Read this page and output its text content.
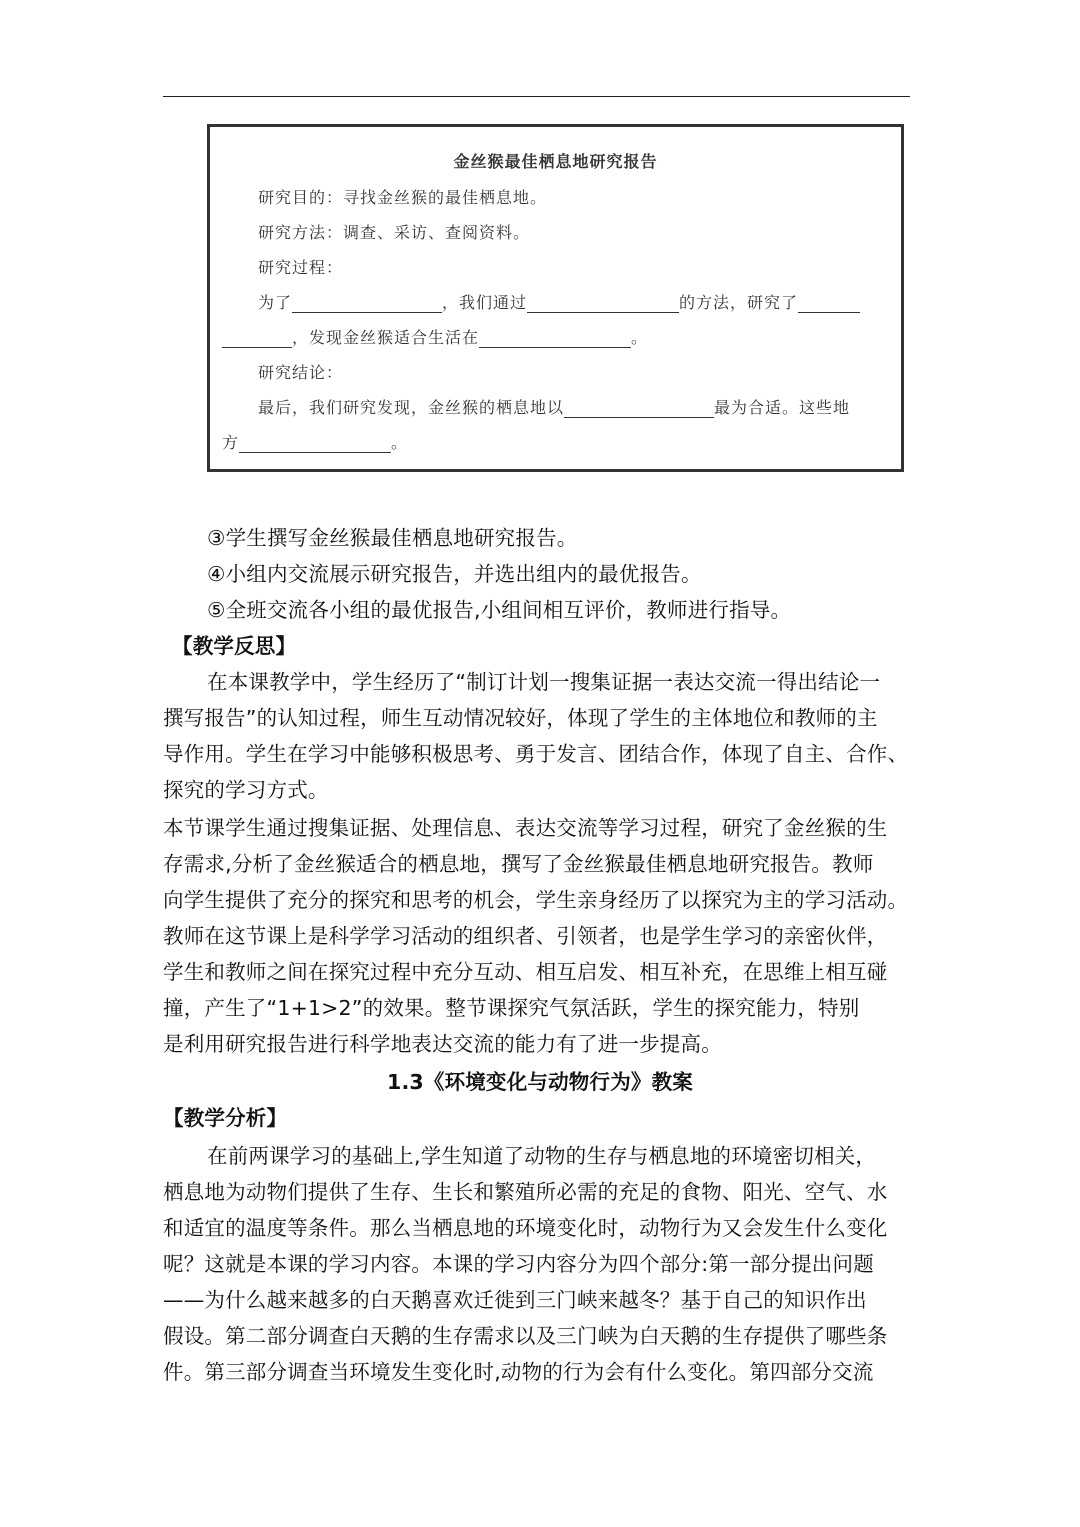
金丝猴最佳栖息地研究报告
研究目的：寻找金丝猴的最佳栖息地。
研究方法：调查、采访、查阅资料。
研究过程：
为了	，我们通过	的方法，研究了
，发现金丝猴适合生活在	。
研究结论：
最后，我们研究发现，金丝猴的栖息地以	最为合适。这些地
方	。
③学生撰写金丝猴最佳栖息地研究报告。
④小组内交流展示研究报告，并选出组内的最优报告。
⑤全班交流各小组的最优报告,小组间相互评价，教师进行指导。
【教学反思】
在本课教学中，学生经历了“制订计划一搜集证据一表达交流一得出结论一
撰写报告”的认知过程，师生互动情况较好，体现了学生的主体地位和教师的主
导作用。学生在学习中能够积极思考、勇于发言、团结合作，体现了自主、合作、
探究的学习方式。
本节课学生通过搜集证据、处理信息、表达交流等学习过程，研究了金丝猴的生
存需求,分析了金丝猴适合的栖息地，撰写了金丝猴最佳栖息地研究报告。教师
向学生提供了充分的探究和思考的机会，学生亲身经历了以探究为主的学习活动。
教师在这节课上是科学学习活动的组织者、引领者，也是学生学习的亲密伙伴，
学生和教师之间在探究过程中充分互动、相互启发、相互补充，在思维上相互碰
撞，产生了“1+1>2”的效果。整节课探究气氛活跃，学生的探究能力，特别
是利用研究报告进行科学地表达交流的能力有了进一步提高。
1.3《环境变化与动物行为》教案
【教学分析】
在前两课学习的基础上,学生知道了动物的生存与栖息地的环境密切相关，
栖息地为动物们提供了生存、生长和繁殖所必需的充足的食物、阳光、空气、水
和适宜的温度等条件。那么当栖息地的环境变化时，动物行为又会发生什么变化
呢？这就是本课的学习内容。本课的学习内容分为四个部分:第一部分提出问题
——为什么越来越多的白天鹅喜欢迁徙到三门峡来越冬？基于自己的知识作出
假设。第二部分调查白天鹅的生存需求以及三门峡为白天鹅的生存提供了哪些条
件。第三部分调查当环境发生变化时,动物的行为会有什么变化。第四部分交流
